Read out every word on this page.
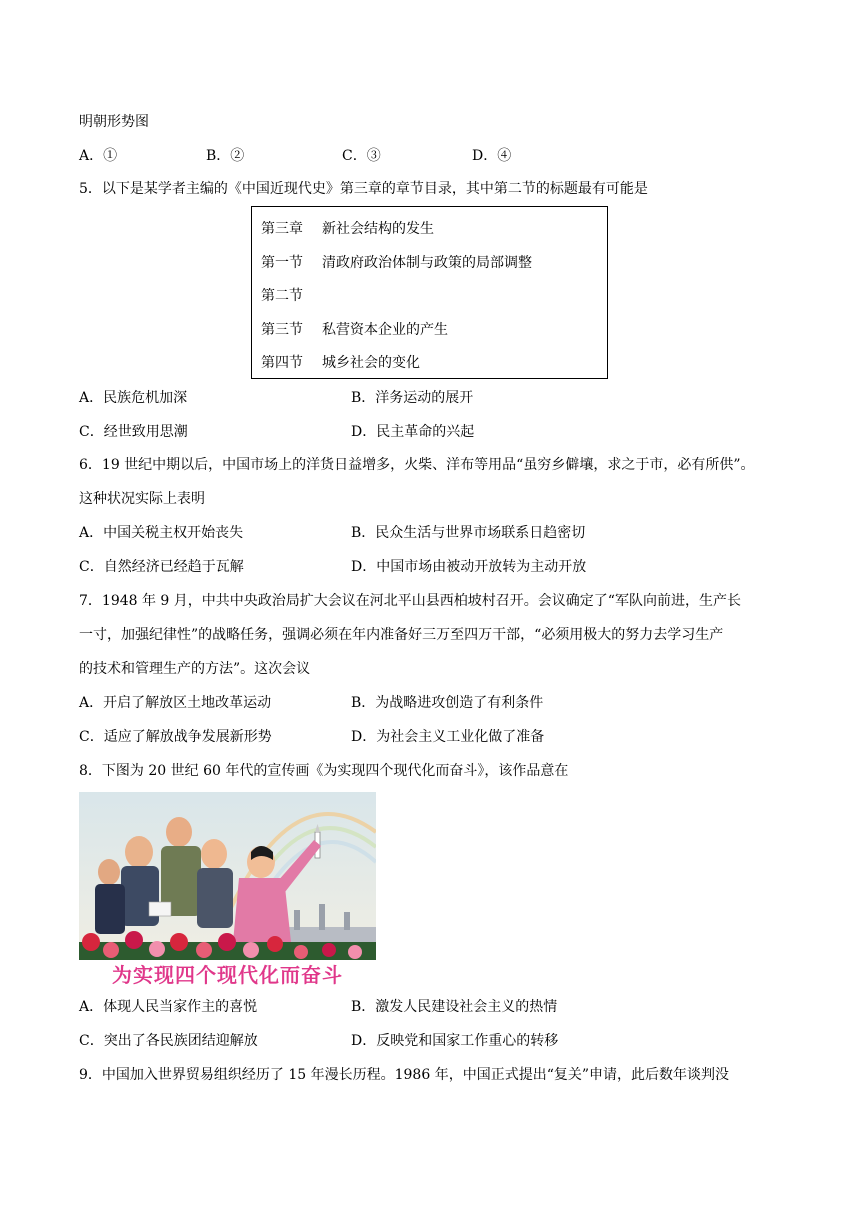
明朝形势图
A．①	B．②	C．③	D．④
5．以下是某学者主编的《中国近现代史》第三章的章节目录，其中第二节的标题最有可能是
第三章 新社会结构的发生
第一节 清政府政治体制与政策的局部调整
第二节
第三节 私营资本企业的产生
第四节 城乡社会的变化
A．民族危机加深	B．洋务运动的展开
C．经世致用思潮	D．民主革命的兴起
6．19 世纪中期以后，中国市场上的洋货日益增多，火柴、洋布等用品“虽穷乡僻壤，求之于市，必有所供”。
这种状况实际上表明
A．中国关税主权开始丧失	B．民众生活与世界市场联系日趋密切
C．自然经济已经趋于瓦解	D．中国市场由被动开放转为主动开放
7．1948 年 9 月，中共中央政治局扩大会议在河北平山县西柏坡村召开。会议确定了“军队向前进，生产长
一寸，加强纪律性”的战略任务，强调必须在年内准备好三万至四万干部，“必须用极大的努力去学习生产
的技术和管理生产的方法”。这次会议
A．开启了解放区土地改革运动	B．为战略进攻创造了有利条件
C．适应了解放战争发展新形势	D．为社会主义工业化做了准备
8．下图为 20 世纪 60 年代的宣传画《为实现四个现代化而奋斗》，该作品意在
为实现四个现代化而奋斗
A．体现人民当家作主的喜悦	B．激发人民建设社会主义的热情
C．突出了各民族团结迎解放	D．反映党和国家工作重心的转移
9．中国加入世界贸易组织经历了 15 年漫长历程。1986 年，中国正式提出“复关”申请，此后数年谈判没
